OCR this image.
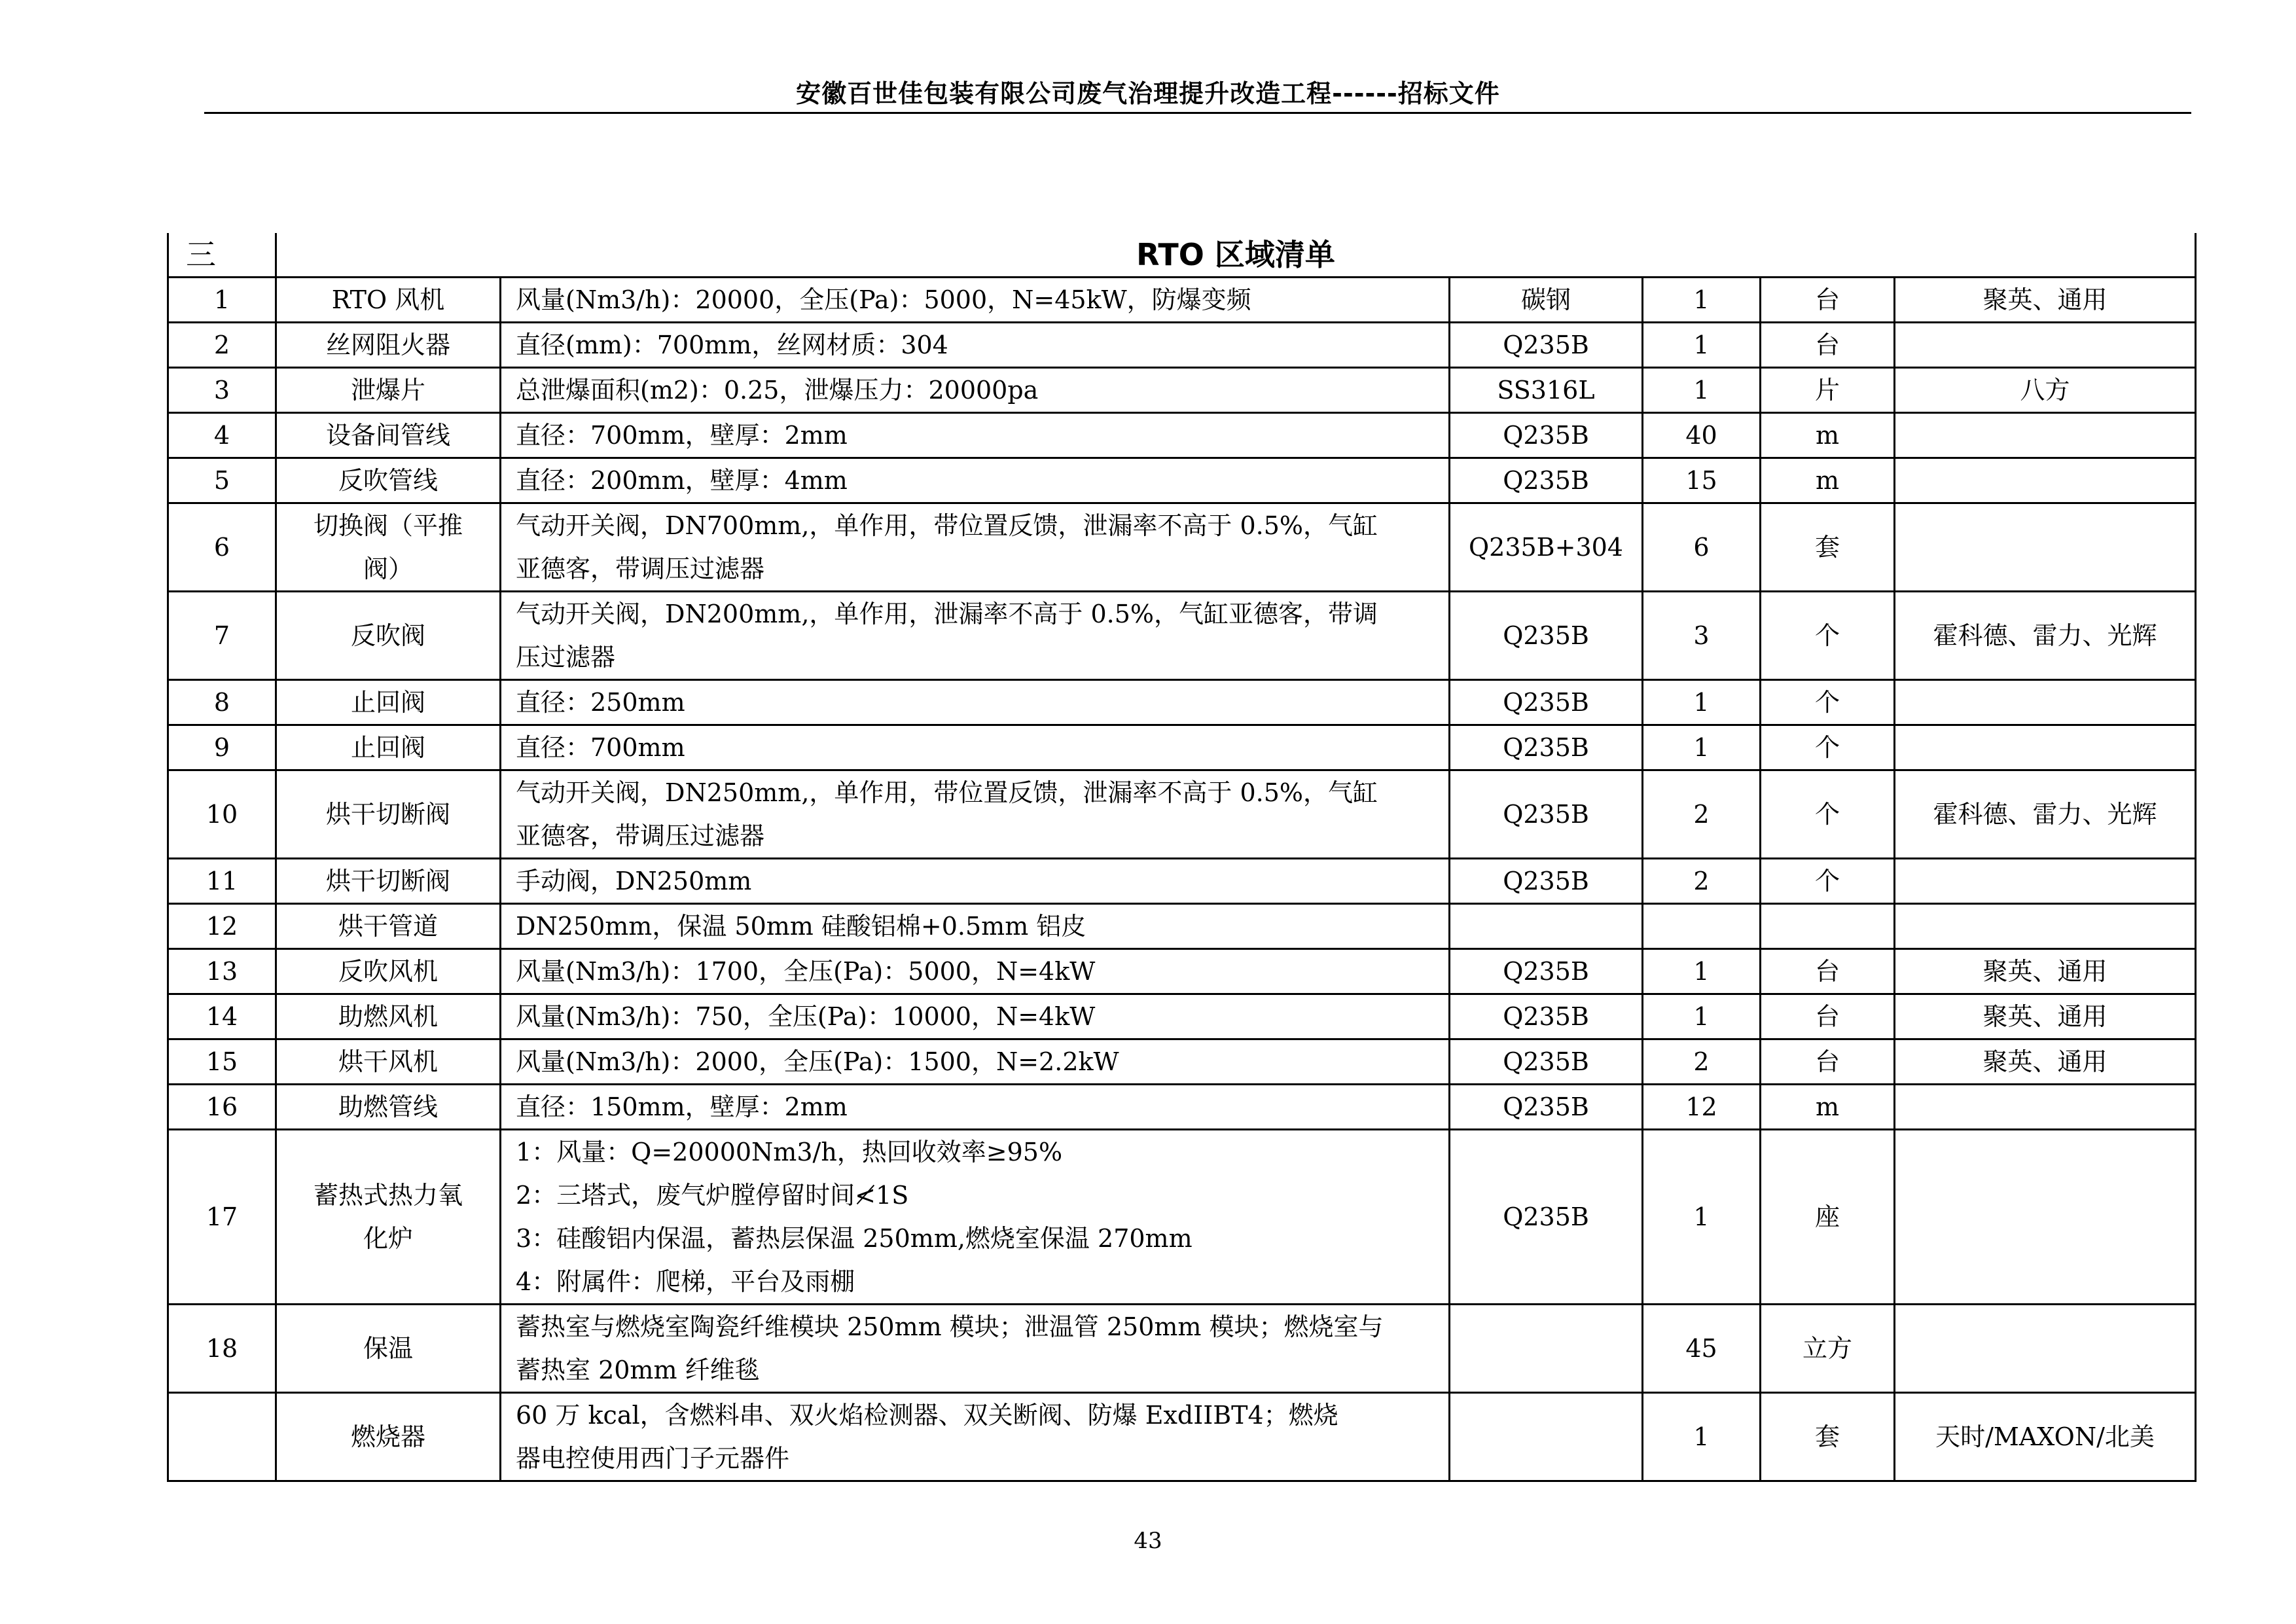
安徽百世佳包装有限公司废气治理提升改造工程------招标文件
三	RTO 区域清单					
1	RTO 风机	风量(Nm3/h)：20000，全压(Pa)：5000，N=45kW，防爆变频	碳钢	1	台	聚英、通用
2	丝网阻火器	直径(mm)：700mm，丝网材质：304	Q235B	1	台	
3	泄爆片	总泄爆面积(m2)：0.25，泄爆压力：20000pa	SS316L	1	片	八方
4	设备间管线	直径：700mm，壁厚：2mm	Q235B	40	m	
5	反吹管线	直径：200mm，壁厚：4mm	Q235B	15	m	
6	切换阀（平推
阀）	气动开关阀，DN700mm,，单作用，带位置反馈，泄漏率不高于 0.5%，气缸
亚德客，带调压过滤器	Q235B+304	6	套	
7	反吹阀	气动开关阀，DN200mm,，单作用，泄漏率不高于 0.5%，气缸亚德客，带调
压过滤器	Q235B	3	个	霍科德、雷力、光辉
8	止回阀	直径：250mm	Q235B	1	个	
9	止回阀	直径：700mm	Q235B	1	个	
10	烘干切断阀	气动开关阀，DN250mm,，单作用，带位置反馈，泄漏率不高于 0.5%，气缸
亚德客，带调压过滤器	Q235B	2	个	霍科德、雷力、光辉
11	烘干切断阀	手动阀，DN250mm	Q235B	2	个	
12	烘干管道	DN250mm，保温 50mm 硅酸铝棉+0.5mm 铝皮				

13	反吹风机	风量(Nm3/h)：1700，全压(Pa)：5000，N=4kW	Q235B	1	台	聚英、通用
14	助燃风机	风量(Nm3/h)：750，全压(Pa)：10000，N=4kW	Q235B	1	台	聚英、通用
15	烘干风机	风量(Nm3/h)：2000，全压(Pa)：1500，N=2.2kW	Q235B	2	台	聚英、通用
16	助燃管线	直径：150mm，壁厚：2mm	Q235B	12	m	
17	蓄热式热力氧
化炉	1：风量：Q=20000Nm3/h，热回收效率≥95%
2：三塔式，废气炉膛停留时间≮1S
3：硅酸铝内保温，蓄热层保温 250mm,燃烧室保温 270mm
4：附属件：爬梯，平台及雨棚	Q235B	1	座	
18	保温	蓄热室与燃烧室陶瓷纤维模块 250mm 模块；泄温管 250mm 模块；燃烧室与
蓄热室 20mm 纤维毯		45	立方	

	燃烧器	60 万 kcal，含燃料串、双火焰检测器、双关断阀、防爆 ExdIIBT4；燃烧
器电控使用西门子元器件		1	套	天时/MAXON/北美
43
